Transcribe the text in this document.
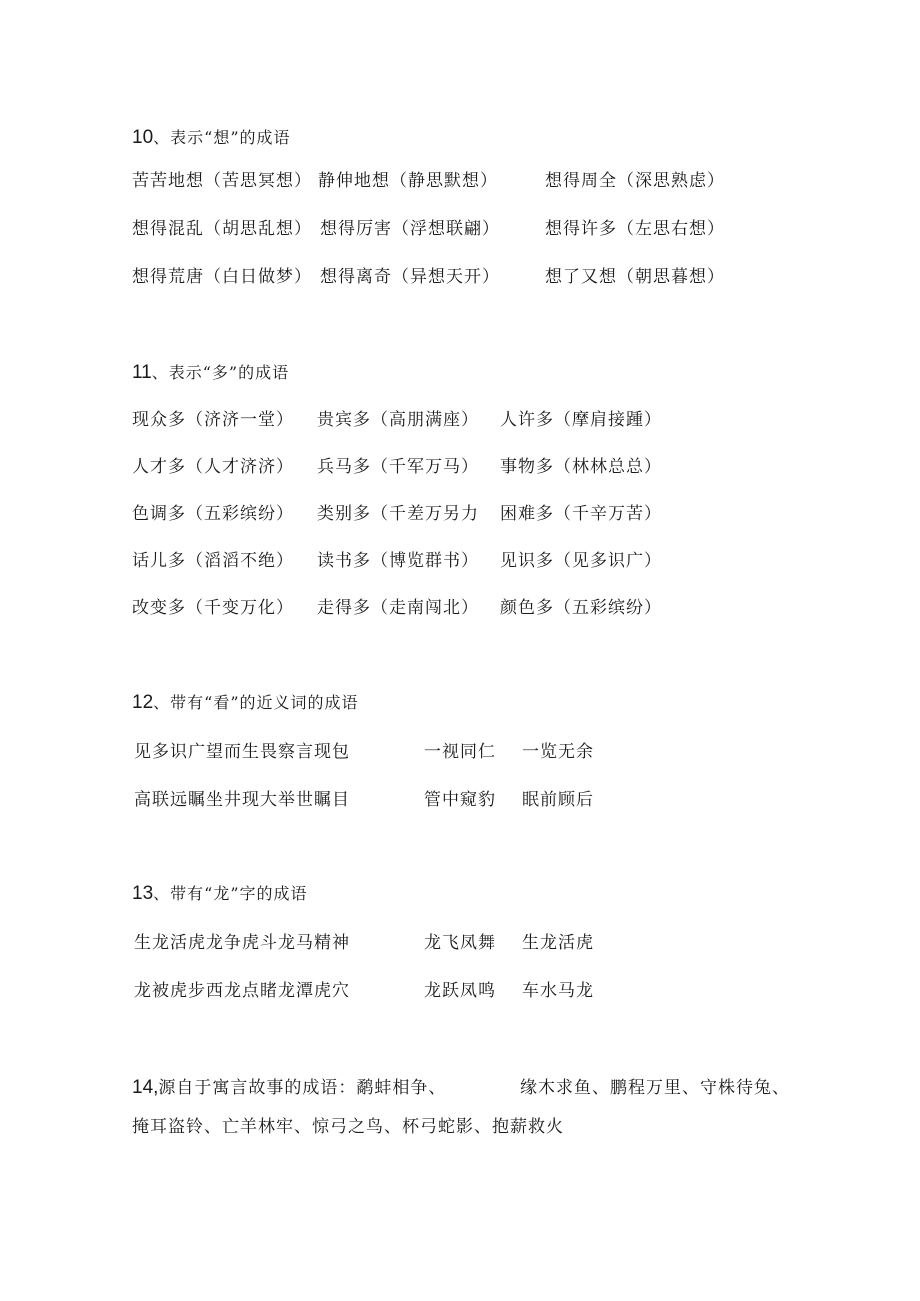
10、表示“想”的成语
苦苦地想（苦思冥想） 静伸地想（静思默想）	想得周全（深思熟虑）
想得混乱（胡思乱想） 想得厉害（浮想联翩）	想得许多（左思右想）
想得荒唐（白日做梦） 想得离奇（异想天开）	想了又想（朝思暮想）
11、表示“多”的成语
现众多（济济一堂） 贵宾多（高朋满座） 人许多（摩肩接踵）
人才多（人才济济） 兵马多（千军万马） 事物多（林林总总）
色调多（五彩缤纷） 类别多（千差万另力 困难多（千辛万苦）
话儿多（滔滔不绝） 读书多（博览群书） 见识多（见多识广）
改变多（千变万化） 走得多（走南闯北） 颜色多（五彩缤纷）
12、带有“看”的近义词的成语
见多识广望而生畏察言现包	一视同仁 一览无余
高联远瞩坐井现大举世瞩目	管中窥豹 眠前顾后
13、带有“龙”字的成语
生龙活虎龙争虎斗龙马精神	龙飞凤舞 生龙活虎
龙被虎步西龙点睹龙潭虎穴	龙跃凤鸣 车水马龙
14,源自于寓言故事的成语：鹬蚌相争、	缘木求鱼、鹏程万里、守株待兔、
掩耳盗铃、亡羊林牢、惊弓之鸟、杯弓蛇影、抱薪救火
